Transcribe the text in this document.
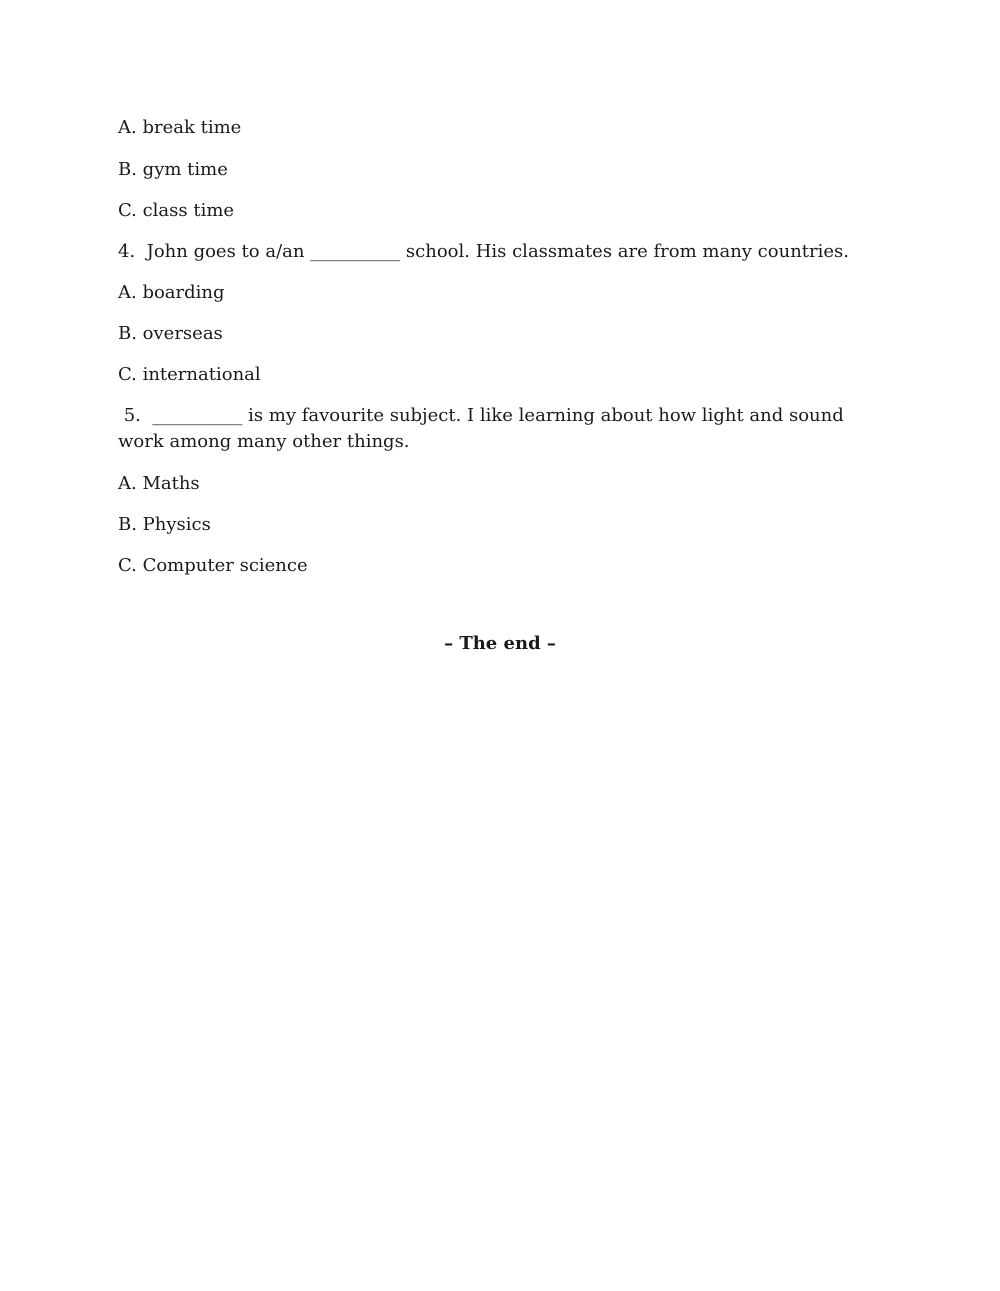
A. break time
B. gym time
C. class time
4.  John goes to a/an __________ school. His classmates are from many countries.
A. boarding
B. overseas
C. international
5.  __________ is my favourite subject. I like learning about how light and sound work among many other things.
A. Maths
B. Physics
C. Computer science
– The end –
